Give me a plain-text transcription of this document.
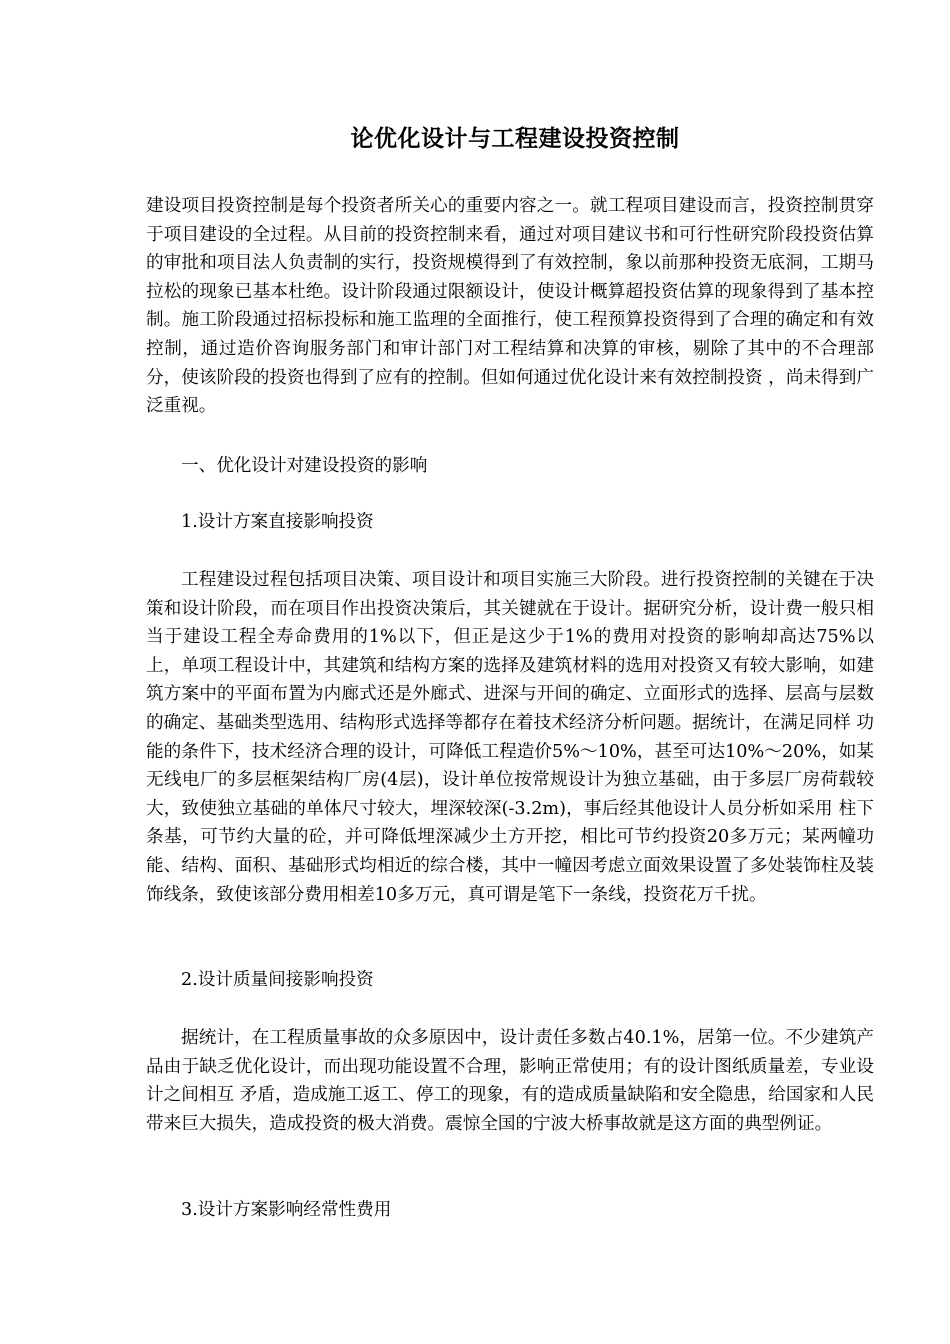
论优化设计与工程建设投资控制

建设项目投资控制是每个投资者所关心的重要内容之一。就工程项目建设而言，投资控制贯穿于项目建设的全过程。从目前的投资控制来看，通过对项目建议书和可行性研究阶段投资估算的审批和项目法人负责制的实行，投资规模得到了有效控制，象以前那种投资无底洞，工期马拉松的现象已基本杜绝。设计阶段通过限额设计，使设计概算超投资估算的现象得到了基本控制。施工阶段通过招标投标和施工监理的全面推行，使工程预算投资得到了合理的确定和有效控制，通过造价咨询服务部门和审计部门对工程结算和决算的审核，剔除了其中的不合理部分，使该阶段的投资也得到了应有的控制。但如何通过优化设计来有效控制投资 ，尚未得到广泛重视。

一、优化设计对建设投资的影响

1.设计方案直接影响投资

工程建设过程包括项目决策、项目设计和项目实施三大阶段。进行投资控制的关键在于决策和设计阶段，而在项目作出投资决策后，其关键就在于设计。据研究分析，设计费一般只相当于建设工程全寿命费用的1%以下，但正是这少于1%的费用对投资的影响却高达75%以上，单项工程设计中，其建筑和结构方案的选择及建筑材料的选用对投资又有较大影响，如建筑方案中的平面布置为内廊式还是外廊式、进深与开间的确定、立面形式的选择、层高与层数的确定、基础类型选用、结构形式选择等都存在着技术经济分析问题。据统计，在满足同样 功能的条件下，技术经济合理的设计，可降低工程造价5%～10%，甚至可达10%～20%，如某无线电厂的多层框架结构厂房(4层)，设计单位按常规设计为独立基础，由于多层厂房荷载较大，致使独立基础的单体尺寸较大，埋深较深(-3.2m)，事后经其他设计人员分析如采用 柱下条基，可节约大量的砼，并可降低埋深减少土方开挖，相比可节约投资20多万元；某两幢功能、结构、面积、基础形式均相近的综合楼，其中一幢因考虑立面效果设置了多处装饰柱及装饰线条，致使该部分费用相差10多万元，真可谓是笔下一条线，投资花万千扰。

2.设计质量间接影响投资

据统计，在工程质量事故的众多原因中，设计责任多数占40.1%，居第一位。不少建筑产品由于缺乏优化设计，而出现功能设置不合理，影响正常使用；有的设计图纸质量差，专业设计之间相互 矛盾，造成施工返工、停工的现象，有的造成质量缺陷和安全隐患，给国家和人民带来巨大损失，造成投资的极大消费。震惊全国的宁波大桥事故就是这方面的典型例证。

3.设计方案影响经常性费用
